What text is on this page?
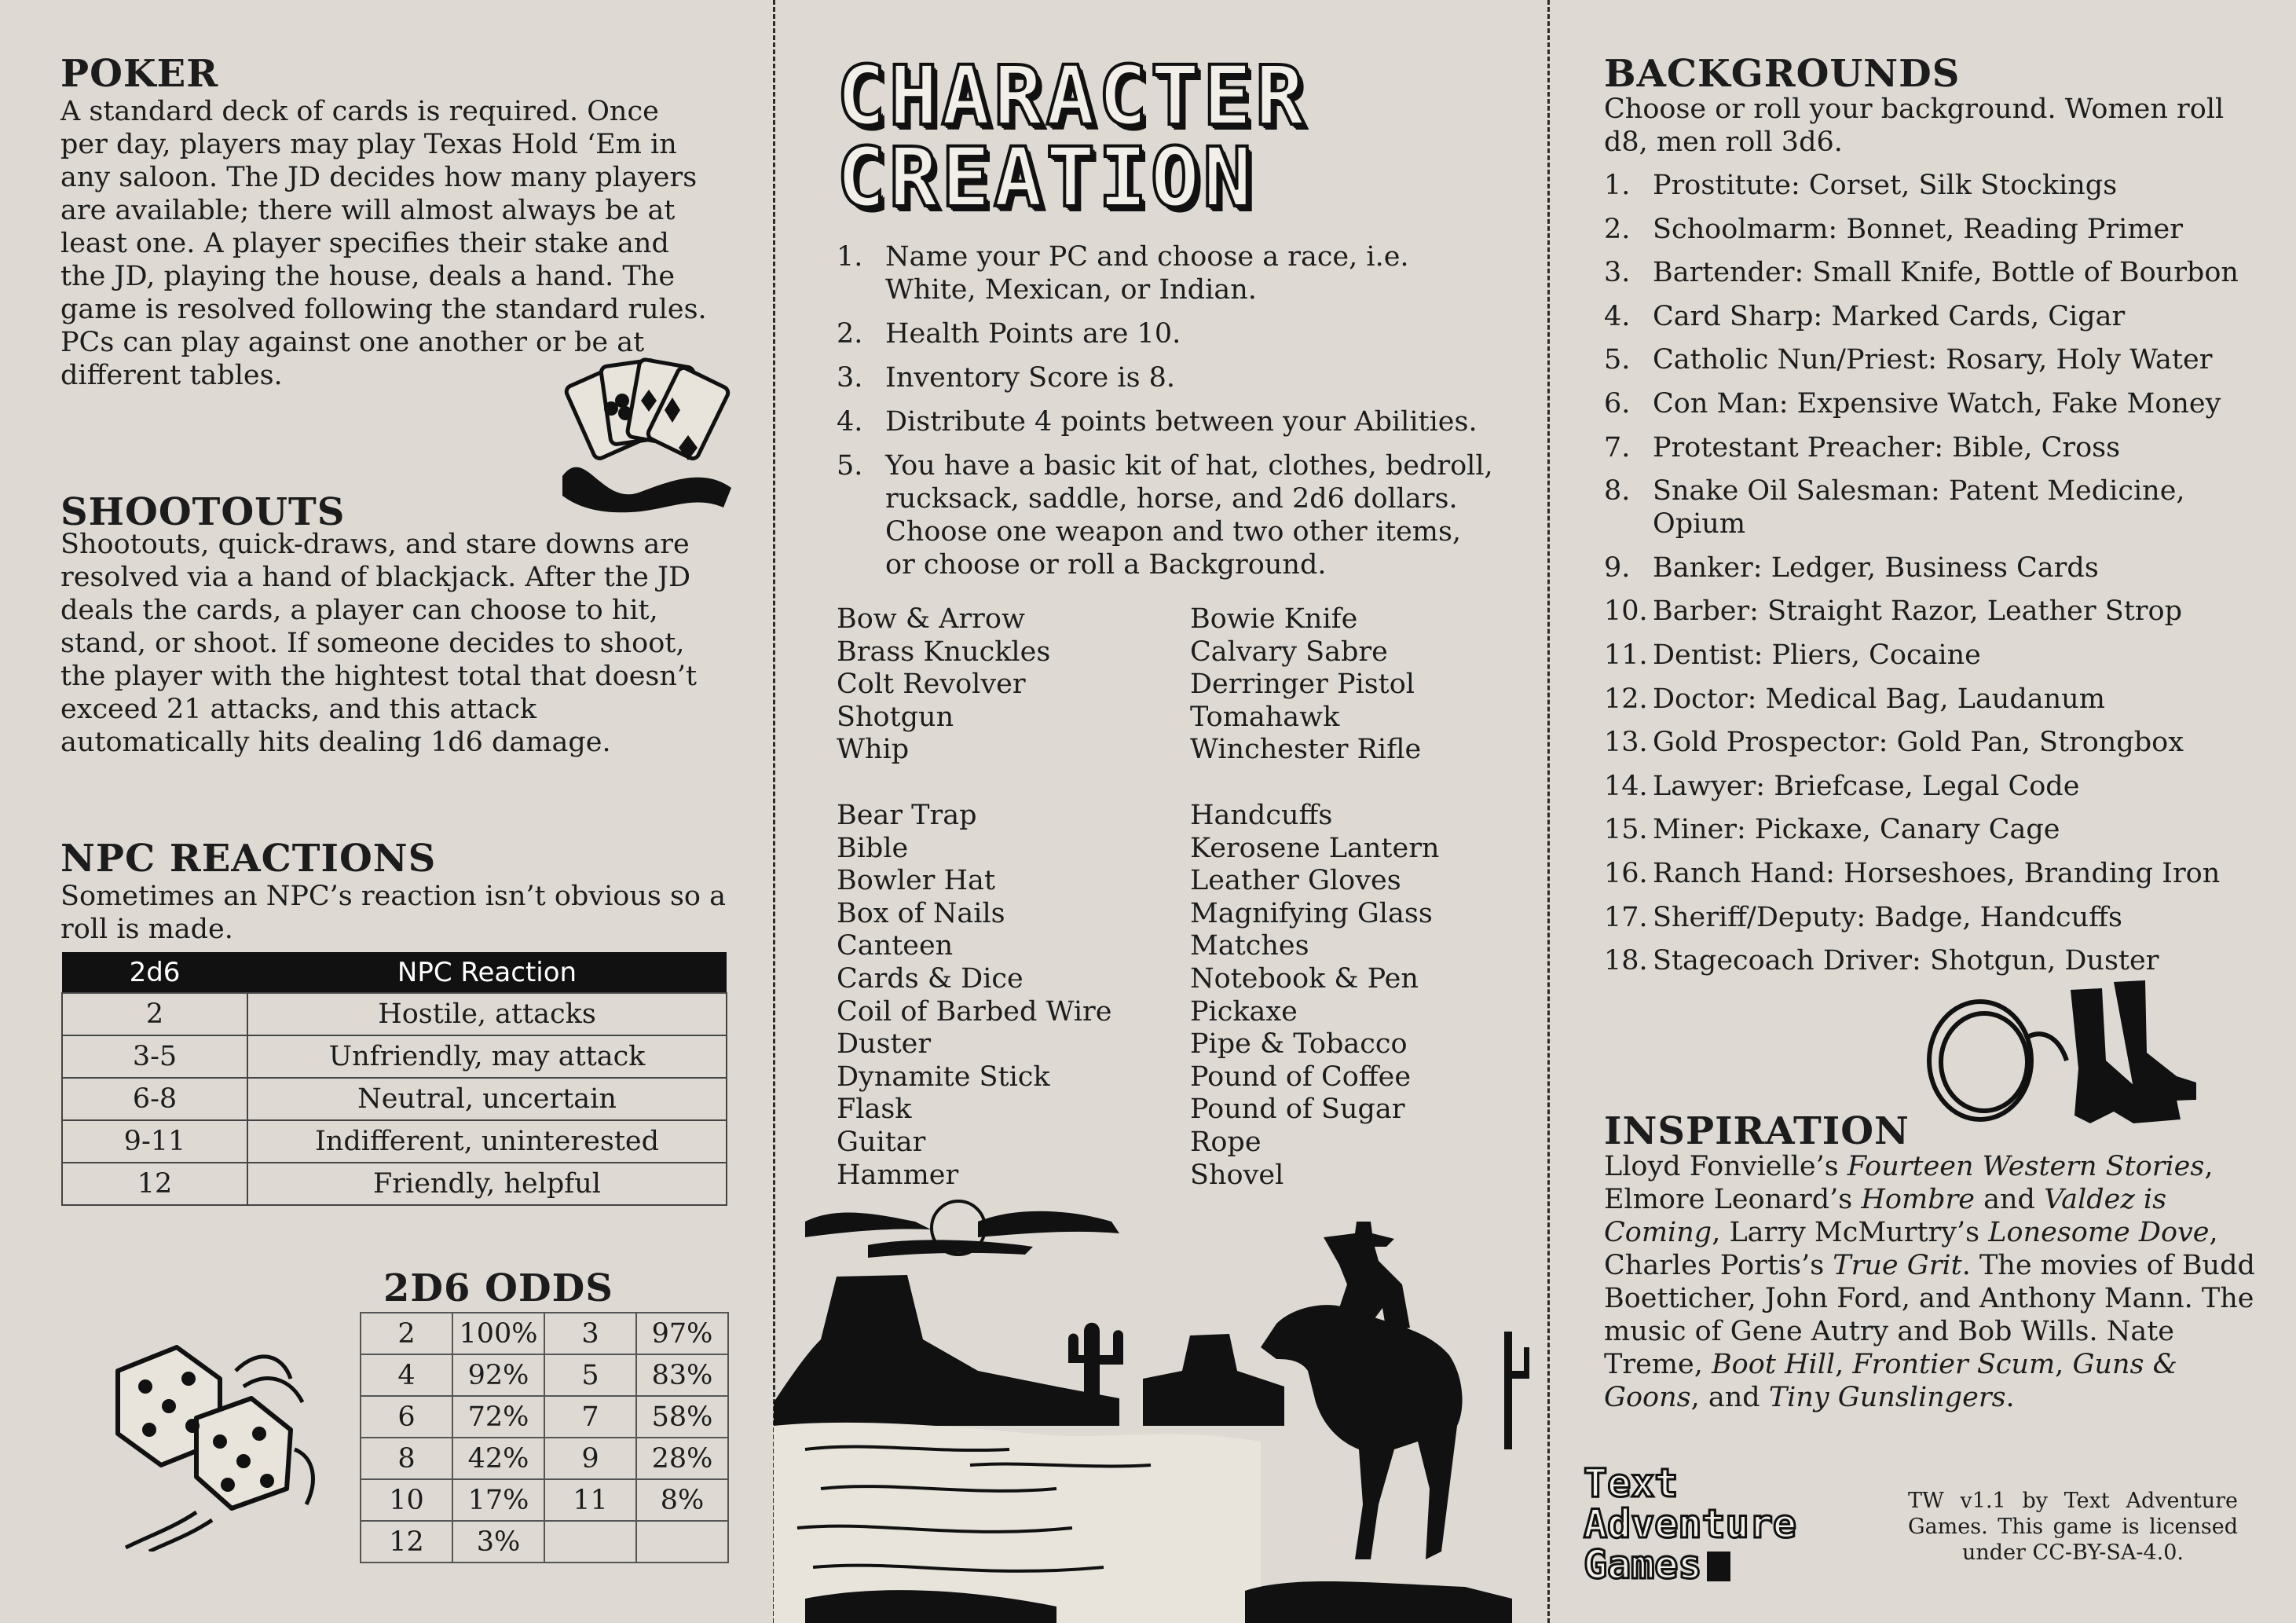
POKER
A standard deck of cards is required. Once per day, players may play Texas Hold ‘Em in any saloon. The JD decides how many players are available; there will almost always be at least one. A player specifies their stake and the JD, playing the house, deals a hand. The game is resolved following the standard rules. PCs can play against one another or be at different tables.
SHOOTOUTS
Shootouts, quick-draws, and stare downs are resolved via a hand of blackjack. After the JD deals the cards, a player can choose to hit, stand, or shoot. If someone decides to shoot, the player with the hightest total that doesn’t exceed 21 attacks, and this attack automatically hits dealing 1d6 damage.
NPC REACTIONS
Sometimes an NPC’s reaction isn’t obvious so a roll is made.
2d6	NPC Reaction
2	Hostile, attacks
3-5	Unfriendly, may attack
6-8	Neutral, uncertain
9-11	Indifferent, uninterested
12	Friendly, helpful
2D6 ODDS
2	100%	3	97%
4	92%	5	83%
6	72%	7	58%
8	42%	9	28%
10	17%	11	8%
12	3%		
CHARACTER
CREATION
1. Name your PC and choose a race, i.e. White, Mexican, or Indian.
2. Health Points are 10.
3. Inventory Score is 8.
4. Distribute 4 points between your Abilities.
5. You have a basic kit of hat, clothes, bedroll, rucksack, saddle, horse, and 2d6 dollars. Choose one weapon and two other items, or choose or roll a Background.
Bow & Arrow
Brass Knuckles
Colt Revolver
Shotgun
Whip
Bowie Knife
Calvary Sabre
Derringer Pistol
Tomahawk
Winchester Rifle
Bear Trap
Bible
Bowler Hat
Box of Nails
Canteen
Cards & Dice
Coil of Barbed Wire
Duster
Dynamite Stick
Flask
Guitar
Hammer
Handcuffs
Kerosene Lantern
Leather Gloves
Magnifying Glass
Matches
Notebook & Pen
Pickaxe
Pipe & Tobacco
Pound of Coffee
Pound of Sugar
Rope
Shovel
BACKGROUNDS
Choose or roll your background. Women roll d8, men roll 3d6.
1. Prostitute: Corset, Silk Stockings
2. Schoolmarm: Bonnet, Reading Primer
3. Bartender: Small Knife, Bottle of Bourbon
4. Card Sharp: Marked Cards, Cigar
5. Catholic Nun/Priest: Rosary, Holy Water
6. Con Man: Expensive Watch, Fake Money
7. Protestant Preacher: Bible, Cross
8. Snake Oil Salesman: Patent Medicine, Opium
9. Banker: Ledger, Business Cards
10. Barber: Straight Razor, Leather Strop
11. Dentist: Pliers, Cocaine
12. Doctor: Medical Bag, Laudanum
13. Gold Prospector: Gold Pan, Strongbox
14. Lawyer: Briefcase, Legal Code
15. Miner: Pickaxe, Canary Cage
16. Ranch Hand: Horseshoes, Branding Iron
17. Sheriff/Deputy: Badge, Handcuffs
18. Stagecoach Driver: Shotgun, Duster
INSPIRATION
Lloyd Fonvielle’s Fourteen Western Stories, Elmore Leonard’s Hombre and Valdez is Coming, Larry McMurtry’s Lonesome Dove, Charles Portis’s True Grit. The movies of Budd Boetticher, John Ford, and Anthony Mann. The music of Gene Autry and Bob Wills. Nate Treme, Boot Hill, Frontier Scum, Guns & Goons, and Tiny Gunslingers.
Text
Adventure
Games
TW v1.1 by Text Adventure Games. This game is licensed under CC-BY-SA-4.0.
